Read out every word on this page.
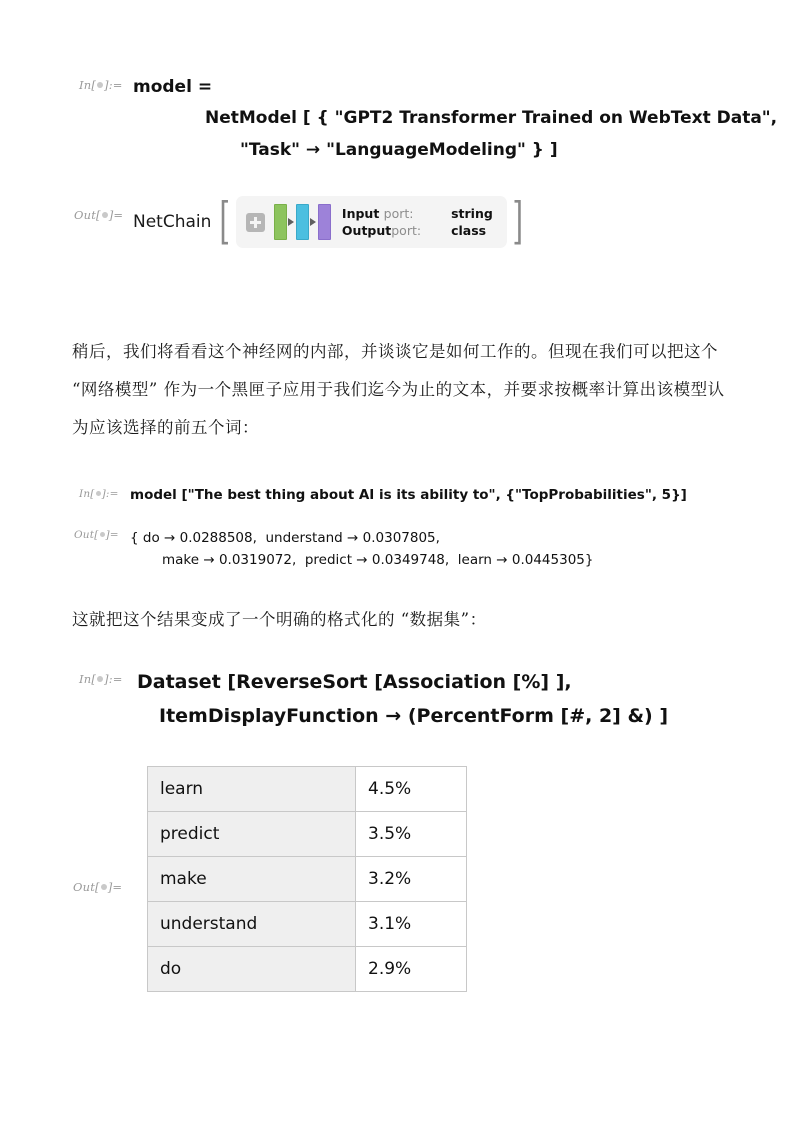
In[ ]:= model =
NetModel [ { "GPT2 Transformer Trained on WebText Data",
"Task" → "LanguageModeling" } ]
Out[ ]= NetChain [	Input port:	string
Outputport: class ]
稍后，我们将看看这个神经网的内部，并谈谈它是如何工作的。但现在我们可以把这个 “网络模型” 作为一个黑匣子应用于我们迄今为止的文本，并要求按概率计算出该模型认为应该选择的前五个词：
In[ ]:= model ["The best thing about AI is its ability to", {"TopProbabilities", 5}]
Out[ ]= { do → 0.0288508,  understand → 0.0307805,
make → 0.0319072,  predict → 0.0349748,  learn → 0.0445305}
这就把这个结果变成了一个明确的格式化的 “数据集”：
In[ ]:= Dataset [ReverseSort [Association [%] ],
ItemDisplayFunction → (PercentForm [#, 2] &) ]
Out[ ]=
learn	4.5%
predict	3.5%
make	3.2%
understand	3.1%
do	2.9%
